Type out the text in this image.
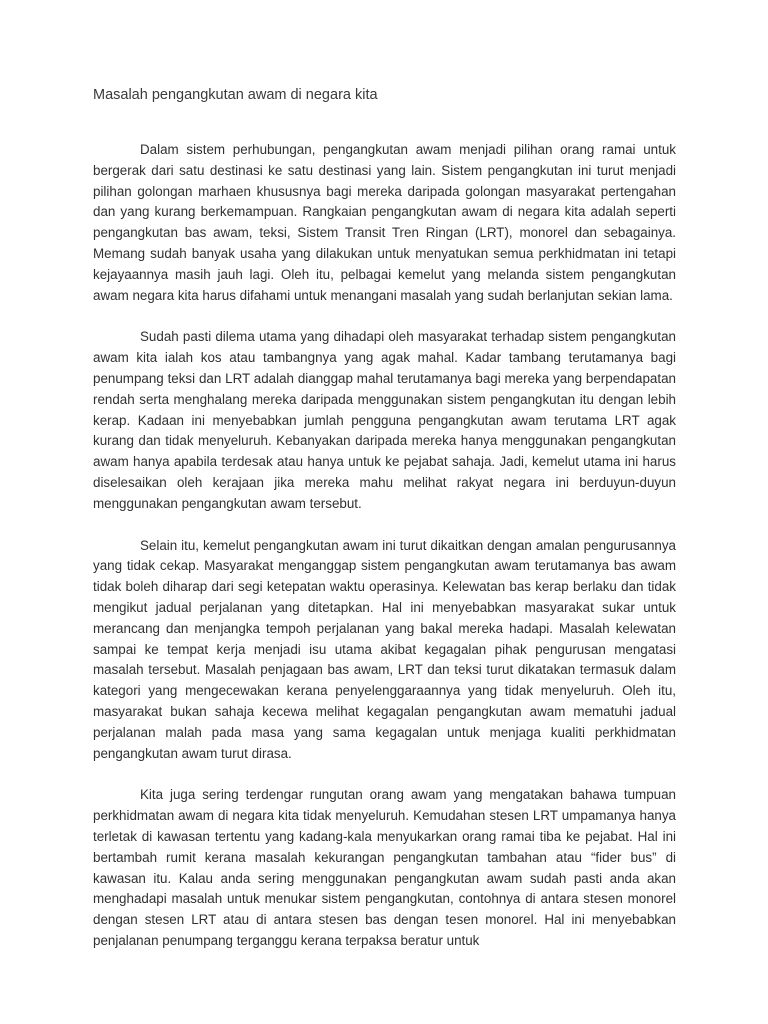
Masalah pengangkutan awam di negara kita

Dalam sistem perhubungan, pengangkutan awam menjadi pilihan orang ramai untuk bergerak dari satu destinasi ke satu destinasi yang lain. Sistem pengangkutan ini turut menjadi pilihan golongan marhaen khususnya bagi mereka daripada golongan masyarakat pertengahan dan yang kurang berkemampuan. Rangkaian pengangkutan awam di negara kita adalah seperti pengangkutan bas awam, teksi, Sistem Transit Tren Ringan (LRT), monorel dan sebagainya. Memang sudah banyak usaha yang dilakukan untuk menyatukan semua perkhidmatan ini tetapi kejayaannya masih jauh lagi. Oleh itu, pelbagai kemelut yang melanda sistem pengangkutan awam negara kita harus difahami untuk menangani masalah yang sudah berlanjutan sekian lama.

Sudah pasti dilema utama yang dihadapi oleh masyarakat terhadap sistem pengangkutan awam kita ialah kos atau tambangnya yang agak mahal. Kadar tambang terutamanya bagi penumpang teksi dan LRT adalah dianggap mahal terutamanya bagi mereka yang berpendapatan rendah serta menghalang mereka daripada menggunakan sistem pengangkutan itu dengan lebih kerap. Kadaan ini menyebabkan jumlah pengguna pengangkutan awam terutama LRT agak kurang dan tidak menyeluruh. Kebanyakan daripada mereka hanya menggunakan pengangkutan awam hanya apabila terdesak atau hanya untuk ke pejabat sahaja. Jadi, kemelut utama ini harus diselesaikan oleh kerajaan jika mereka mahu melihat rakyat negara ini berduyun-duyun menggunakan pengangkutan awam tersebut.

Selain itu, kemelut pengangkutan awam ini turut dikaitkan dengan amalan pengurusannya yang tidak cekap. Masyarakat menganggap sistem pengangkutan awam terutamanya bas awam tidak boleh diharap dari segi ketepatan waktu operasinya. Kelewatan bas kerap berlaku dan tidak mengikut jadual perjalanan yang ditetapkan. Hal ini menyebabkan masyarakat sukar untuk merancang dan menjangka tempoh perjalanan yang bakal mereka hadapi. Masalah kelewatan sampai ke tempat kerja menjadi isu utama akibat kegagalan pihak pengurusan mengatasi masalah tersebut. Masalah penjagaan bas awam, LRT dan teksi turut dikatakan termasuk dalam kategori yang mengecewakan kerana penyelenggaraannya yang tidak menyeluruh. Oleh itu, masyarakat bukan sahaja kecewa melihat kegagalan pengangkutan awam mematuhi jadual perjalanan malah pada masa yang sama kegagalan untuk menjaga kualiti perkhidmatan pengangkutan awam turut dirasa.

Kita juga sering terdengar rungutan orang awam yang mengatakan bahawa tumpuan perkhidmatan awam di negara kita tidak menyeluruh. Kemudahan stesen LRT umpamanya hanya terletak di kawasan tertentu yang kadang-kala menyukarkan orang ramai tiba ke pejabat. Hal ini bertambah rumit kerana masalah kekurangan pengangkutan tambahan atau “fider bus” di kawasan itu. Kalau anda sering menggunakan pengangkutan awam sudah pasti anda akan menghadapi masalah untuk menukar sistem pengangkutan, contohnya di antara stesen monorel dengan stesen LRT atau di antara stesen bas dengan tesen monorel. Hal ini menyebabkan penjalanan penumpang terganggu kerana terpaksa beratur untuk
